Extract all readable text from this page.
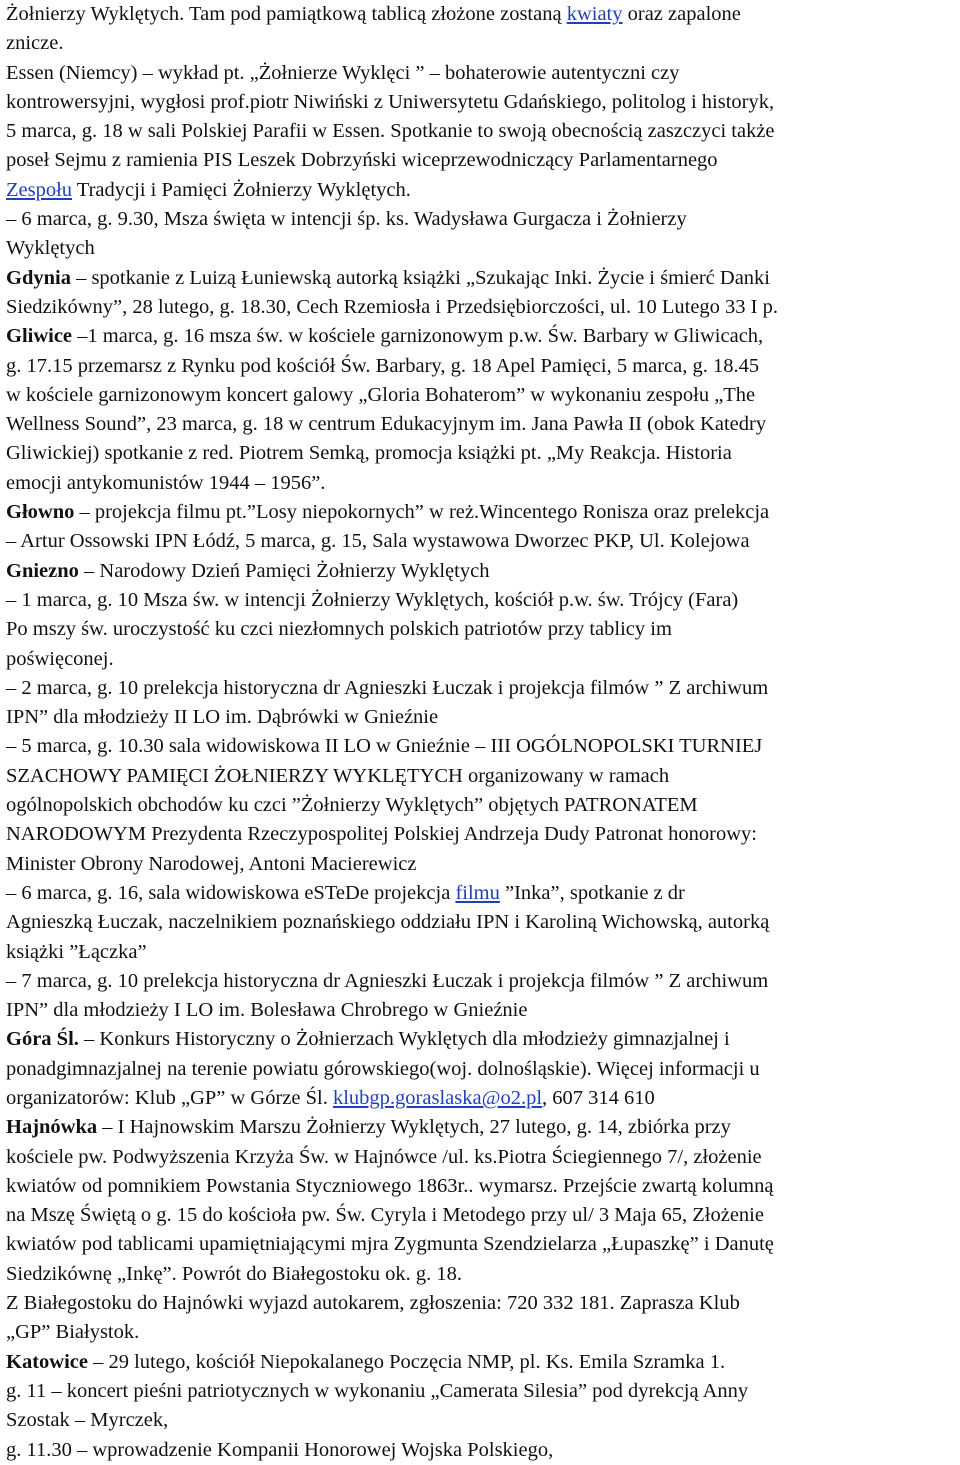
Żołnierzy Wyklętych. Tam pod pamiątkową tablicą złożone zostaną kwiaty oraz zapalone
znicze.
Essen (Niemcy) – wykład pt. „Żołnierze Wyklęci ” – bohaterowie autentyczni czy
kontrowersyjni, wygłosi prof.piotr Niwiński z Uniwersytetu Gdańskiego, politolog i historyk,
5 marca, g. 18 w sali Polskiej Parafii w Essen. Spotkanie to swoją obecnością zaszczyci także
poseł Sejmu z ramienia PIS Leszek Dobrzyński wiceprzewodniczący Parlamentarnego
Zespołu Tradycji i Pamięci Żołnierzy Wyklętych.
– 6 marca, g. 9.30, Msza święta w intencji śp. ks. Wadysława Gurgacza i Żołnierzy
Wyklętych
Gdynia – spotkanie z Luizą Łuniewską autorką książki „Szukając Inki. Życie i śmierć Danki
Siedzikówny”, 28 lutego, g. 18.30, Cech Rzemiosła i Przedsiębiorczości, ul. 10 Lutego 33 I p.
Gliwice –1 marca, g. 16 msza św. w kościele garnizonowym p.w. Św. Barbary w Gliwicach,
g. 17.15 przemarsz z Rynku pod kościół Św. Barbary, g. 18 Apel Pamięci, 5 marca, g. 18.45
w kościele garnizonowym koncert galowy „Gloria Bohaterom” w wykonaniu zespołu „The
Wellness Sound”, 23 marca, g. 18 w centrum Edukacyjnym im. Jana Pawła II (obok Katedry
Gliwickiej) spotkanie z red. Piotrem Semką, promocja książki pt. „My Reakcja. Historia
emocji antykomunistów 1944 – 1956”.
Głowno – projekcja filmu pt.”Losy niepokornych” w reż.Wincentego Ronisza oraz prelekcja
– Artur Ossowski IPN Łódź, 5 marca, g. 15, Sala wystawowa Dworzec PKP, Ul. Kolejowa
Gniezno – Narodowy Dzień Pamięci Żołnierzy Wyklętych
– 1 marca, g. 10 Msza św. w intencji Żołnierzy Wyklętych, kościół p.w. św. Trójcy (Fara)
Po mszy św. uroczystość ku czci niezłomnych polskich patriotów przy tablicy im
poświęconej.
– 2 marca, g. 10 prelekcja historyczna dr Agnieszki Łuczak i projekcja filmów ” Z archiwum
IPN” dla młodzieży II LO im. Dąbrówki w Gnieźnie
– 5 marca, g. 10.30 sala widowiskowa II LO w Gnieźnie – III OGÓLNOPOLSKI TURNIEJ
SZACHOWY PAMIĘCI ŻOŁNIERZY WYKLĘTYCH organizowany w ramach
ogólnopolskich obchodów ku czci ”Żołnierzy Wyklętych” objętych PATRONATEM
NARODOWYM Prezydenta Rzeczypospolitej Polskiej Andrzeja Dudy Patronat honorowy:
Minister Obrony Narodowej, Antoni Macierewicz
– 6 marca, g. 16, sala widowiskowa eSTeDe projekcja filmu ”Inka”, spotkanie z dr
Agnieszką Łuczak, naczelnikiem poznańskiego oddziału IPN i Karoliną Wichowską, autorką
książki ”Łączka”
– 7 marca, g. 10 prelekcja historyczna dr Agnieszki Łuczak i projekcja filmów ” Z archiwum
IPN” dla młodzieży I LO im. Bolesława Chrobrego w Gnieźnie
Góra Śl. – Konkurs Historyczny o Żołnierzach Wyklętych dla młodzieży gimnazjalnej i
ponadgimnazjalnej na terenie powiatu górowskiego(woj. dolnośląskie). Więcej informacji u
organizatorów: Klub „GP” w Górze Śl. klubgp.goraslaska@o2.pl, 607 314 610
Hajnówka – I Hajnowskim Marszu Żołnierzy Wyklętych, 27 lutego, g. 14, zbiórka przy
kościele pw. Podwyższenia Krzyża Św. w Hajnówce /ul. ks.Piotra Ściegiennego 7/, złożenie
kwiatów od pomnikiem Powstania Styczniowego 1863r.. wymarsz. Przejście zwartą kolumną
na Mszę Świętą o g. 15 do kościoła pw. Św. Cyryla i Metodego przy ul/ 3 Maja 65, Złożenie
kwiatów pod tablicami upamiętniającymi mjra Zygmunta Szendzielarza „Łupaszkę” i Danutę
Siedzikównę „Inkę”. Powrót do Białegostoku ok. g. 18.
Z Białegostoku do Hajnówki wyjazd autokarem, zgłoszenia: 720 332 181. Zaprasza Klub
„GP” Białystok.
Katowice – 29 lutego, kościół Niepokalanego Poczęcia NMP, pl. Ks. Emila Szramka 1.
g. 11 – koncert pieśni patriotycznych w wykonaniu „Camerata Silesia” pod dyrekcją Anny
Szostak – Myrczek,
g. 11.30 – wprowadzenie Kompanii Honorowej Wojska Polskiego,
